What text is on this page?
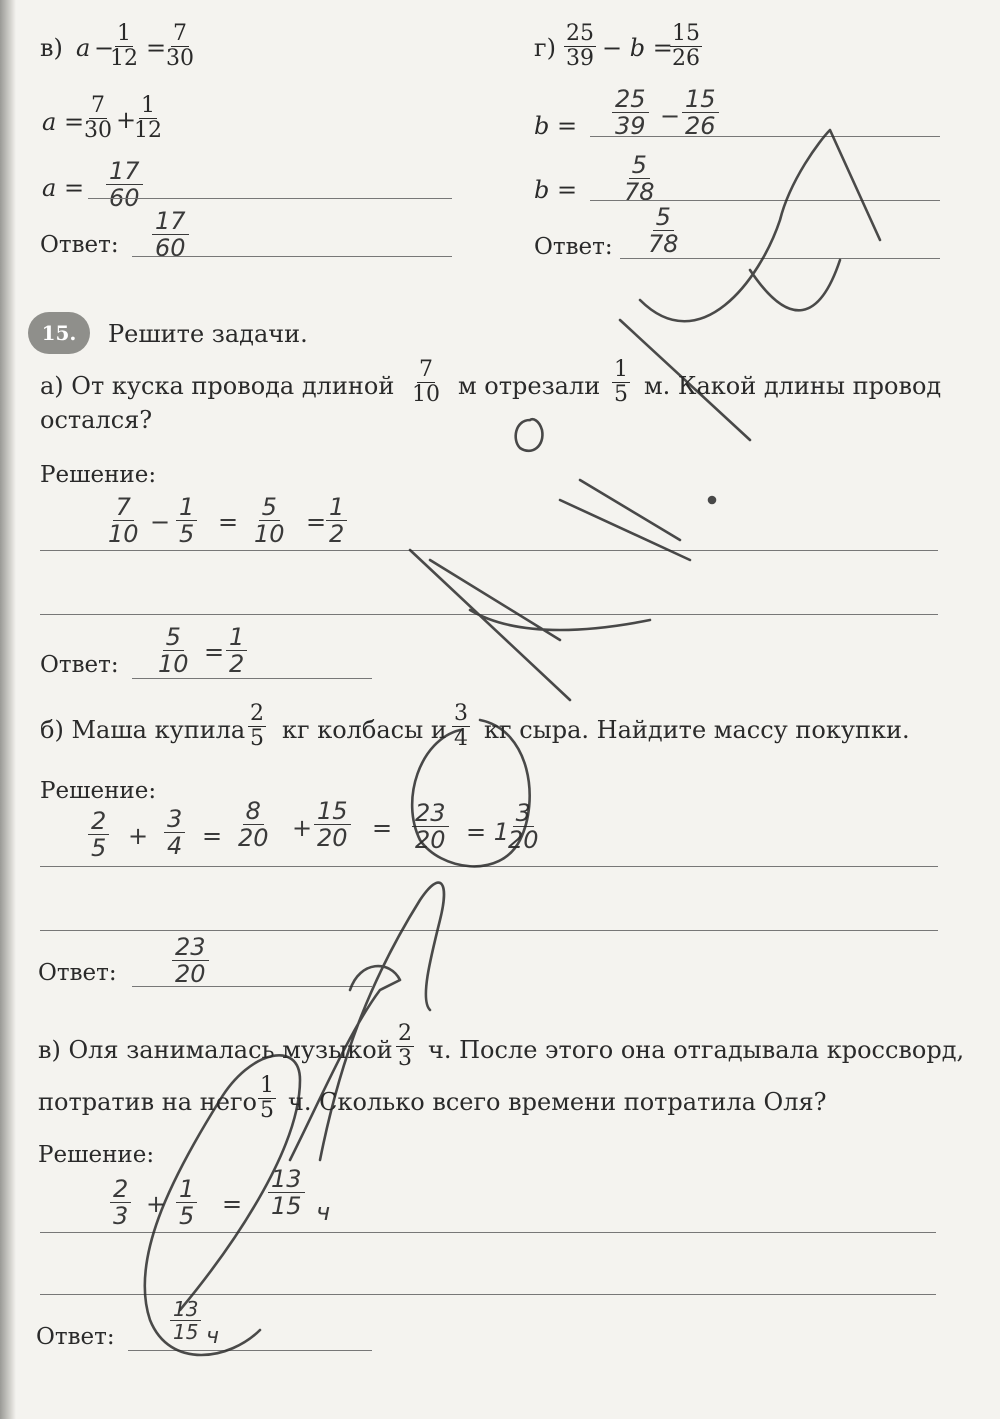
в) a −
$\frac{1}{12} = \frac{7}{30}$
$a = \frac{7}{30}$ +
$\frac{1}{12}$
a =
17
60
Ответ:
17
60
$г) \frac{25}{39} - b$ =
$\frac{15}{26}$
b =
25
39 −
15
26
b =
5
78
Ответ:
5
78
15.	Решите задачи.
а) От куска провода длиной $\frac{7}{10}$ м отрезали $\frac{1}{5} м$. Какой длины провод
остался?
Решение:
7
10 −
1
5 =
5
10 =
1
2
Ответ:
5
10 =
1
2
б) Маша купила $\frac{2}{5}$ кг колбасы и $\frac{3}{4}$ кг сыра. Найдите массу покупки.
Решение:
2
5 +
3
4 =
8
20 +
15
20 =
23
20 = 1
3
20
Ответ:
23
20
в) Оля занималась музыкой $\frac{2}{3} ч$. После этого она отгадывала кроссворд,
потратив на него $\frac{1}{5} ч$. Сколько всего времени потратила Оля?
Решение:
2
3 +
1
5 =
13
15 ч
Ответ:
13
15 ч
